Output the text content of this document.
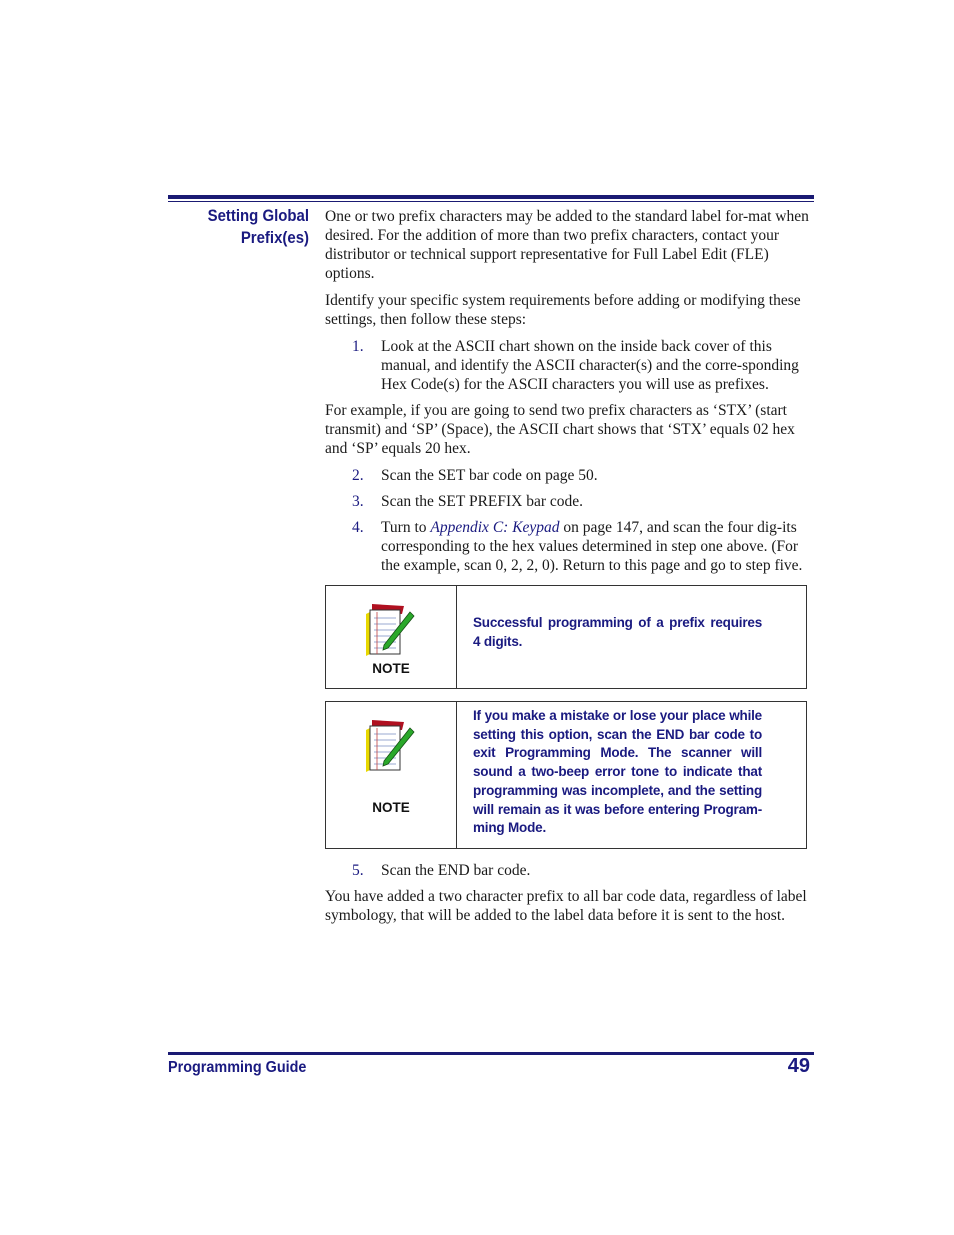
Setting Global
Prefix(es)

One or two prefix characters may be added to the standard label for-mat when desired. For the addition of more than two prefix characters, contact your distributor or technical support representative for Full Label Edit (FLE) options.

Identify your specific system requirements before adding or modifying these settings, then follow these steps:

1. Look at the ASCII chart shown on the inside back cover of this manual, and identify the ASCII character(s) and the corre-sponding Hex Code(s) for the ASCII characters you will use as prefixes.

For example, if you are going to send two prefix characters as ‘STX’ (start transmit) and ‘SP’ (Space), the ASCII chart shows that ‘STX’ equals 02 hex and ‘SP’ equals 20 hex.

2. Scan the SET bar code on page 50.
3. Scan the SET PREFIX bar code.
4. Turn to Appendix C: Keypad on page 147, and scan the four dig-its corresponding to the hex values determined in step one above. (For the example, scan 0, 2, 2, 0). Return to this page and go to step five.
NOTE
Successful programming of a prefix requires 4 digits.
NOTE
If you make a mistake or lose your place while setting this option, scan the END bar code to exit Programming Mode. The scanner will sound a two-beep error tone to indicate that programming was incomplete, and the setting will remain as it was before entering Program-ming Mode.
5. Scan the END bar code.

You have added a two character prefix to all bar code data, regardless of label symbology, that will be added to the label data before it is sent to the host.

Programming Guide	49
